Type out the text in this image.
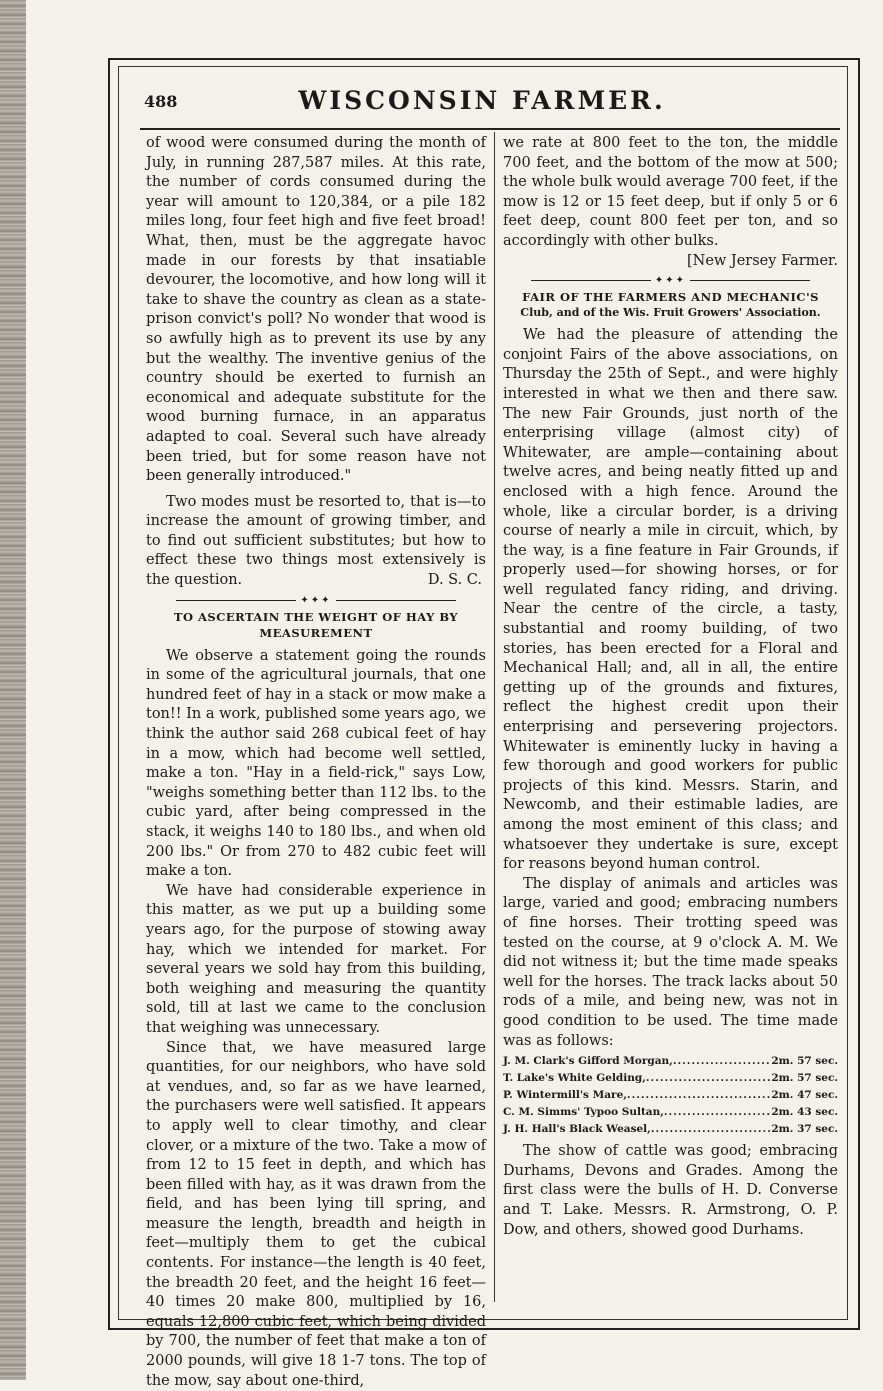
488	WISCONSIN FARMER.

of wood were consumed during the month of July, in running 287,587 miles. At this rate, the number of cords consumed during the year will amount to 120,384, or a pile 182 miles long, four feet high and five feet broad! What, then, must be the aggregate havoc made in our forests by that insatiable devourer, the locomotive, and how long will it take to shave the country as clean as a state-prison convict's poll? No wonder that wood is so awfully high as to prevent its use by any but the wealthy. The inventive genius of the country should be exerted to furnish an economical and adequate substitute for the wood burning furnace, in an apparatus adapted to coal. Several such have already been tried, but for some reason have not been generally introduced."

Two modes must be resorted to, that is—to increase the amount of growing timber, and to find out sufficient substitutes; but how to effect these two things most extensively is the question.	D. S. C.

✦✦✦
TO ASCERTAIN THE WEIGHT OF HAY BY MEASUREMENT

We observe a statement going the rounds in some of the agricultural journals, that one hundred feet of hay in a stack or mow make a ton!! In a work, published some years ago, we think the author said 268 cubical feet of hay in a mow, which had become well settled, make a ton. "Hay in a field-rick," says Low, "weighs something better than 112 lbs. to the cubic yard, after being compressed in the stack, it weighs 140 to 180 lbs., and when old 200 lbs." Or from 270 to 482 cubic feet will make a ton.

We have had considerable experience in this matter, as we put up a building some years ago, for the purpose of stowing away hay, which we intended for market. For several years we sold hay from this building, both weighing and measuring the quantity sold, till at last we came to the conclusion that weighing was unnecessary.

Since that, we have measured large quantities, for our neighbors, who have sold at vendues, and, so far as we have learned, the purchasers were well satisfied. It appears to apply well to clear timothy, and clear clover, or a mixture of the two. Take a mow of from 12 to 15 feet in depth, and which has been filled with hay, as it was drawn from the field, and has been lying till spring, and measure the length, breadth and heigth in feet—multiply them to get the cubical contents. For instance—the length is 40 feet, the breadth 20 feet, and the height 16 feet—40 times 20 make 800, multiplied by 16, equals 12,800 cubic feet, which being divided by 700, the number of feet that make a ton of 2000 pounds, will give 18 1-7 tons. The top of the mow, say about one-third,

we rate at 800 feet to the ton, the middle 700 feet, and the bottom of the mow at 500; the whole bulk would average 700 feet, if the mow is 12 or 15 feet deep, but if only 5 or 6 feet deep, count 800 feet per ton, and so accordingly with other bulks.

[New Jersey Farmer.

✦✦✦
FAIR OF THE FARMERS AND MECHANIC'S
Club, and of the Wis. Fruit Growers' Association.

We had the pleasure of attending the conjoint Fairs of the above associations, on Thursday the 25th of Sept., and were highly interested in what we then and there saw. The new Fair Grounds, just north of the enterprising village (almost city) of Whitewater, are ample—containing about twelve acres, and being neatly fitted up and enclosed with a high fence. Around the whole, like a circular border, is a driving course of nearly a mile in circuit, which, by the way, is a fine feature in Fair Grounds, if properly used—for showing horses, or for well regulated fancy riding, and driving. Near the centre of the circle, a tasty, substantial and roomy building, of two stories, has been erected for a Floral and Mechanical Hall; and, all in all, the entire getting up of the grounds and fixtures, reflect the highest credit upon their enterprising and persevering projectors. Whitewater is eminently lucky in having a few thorough and good workers for public projects of this kind. Messrs. Starin, and Newcomb, and their estimable ladies, are among the most eminent of this class; and whatsoever they undertake is sure, except for reasons beyond human control.

The display of animals and articles was large, varied and good; embracing numbers of fine horses. Their trotting speed was tested on the course, at 9 o'clock A. M. We did not witness it; but the time made speaks well for the horses. The track lacks about 50 rods of a mile, and being new, was not in good condition to be used. The time made was as follows:

J. M. Clark's Gifford Morgan, .....	2m. 57 sec.
T. Lake's White Gelding, .....	2m. 57 sec.
P. Wintermill's Mare, .....	2m. 47 sec.
C. M. Simms' Typoo Sultan, .....	2m. 43 sec.
J. H. Hall's Black Weasel, .....	2m. 37 sec.

The show of cattle was good; embracing Durhams, Devons and Grades. Among the first class were the bulls of H. D. Converse and T. Lake. Messrs. R. Armstrong, O. P. Dow, and others, showed good Durhams.
